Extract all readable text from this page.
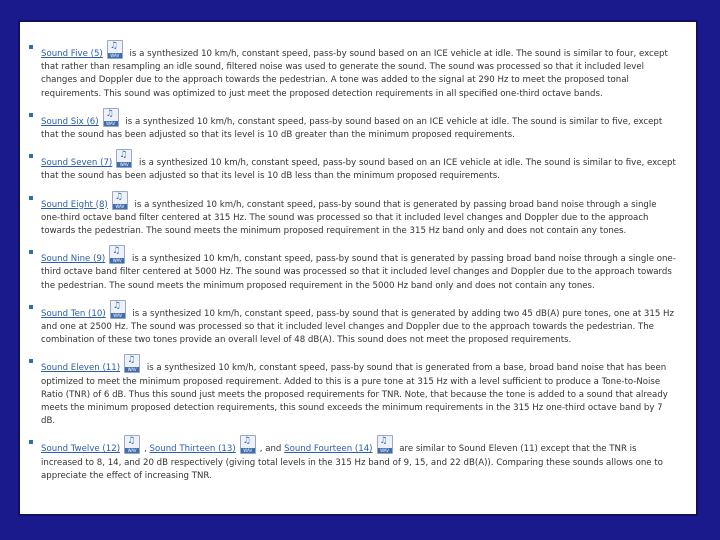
Sound Five (5)
♫
WAV is a synthesized 10 km/h, constant speed, pass-by sound based on an ICE vehicle at idle. The sound is similar to four, except that rather than resampling an idle sound, filtered noise was used to generate the sound. The sound was processed so that it included level changes and Doppler due to the approach towards the pedestrian. A tone was added to the signal at 290 Hz to meet the proposed tonal requirements. This sound was optimized to just meet the proposed detection requirements in all specified one-third octave bands.
Sound Six (6)
♫
WAV is a synthesized 10 km/h, constant speed, pass-by sound based on an ICE vehicle at idle. The sound is similar to five, except that the sound has been adjusted so that its level is 10 dB greater than the minimum proposed requirements.
Sound Seven (7)
♫
WAV is a synthesized 10 km/h, constant speed, pass-by sound based on an ICE vehicle at idle. The sound is similar to five, except that the sound has been adjusted so that its level is 10 dB less than the minimum proposed requirements.
Sound Eight (8)
♫
WAV is a synthesized 10 km/h, constant speed, pass-by sound that is generated by passing broad band noise through a single one-third octave band filter centered at 315 Hz. The sound was processed so that it included level changes and Doppler due to the approach towards the pedestrian. The sound meets the minimum proposed requirement in the 315 Hz band only and does not contain any tones.
Sound Nine (9)
♫
WAV is a synthesized 10 km/h, constant speed, pass-by sound that is generated by passing broad band noise through a single one-third octave band filter centered at 5000 Hz. The sound was processed so that it included level changes and Doppler due to the approach towards the pedestrian. The sound meets the minimum proposed requirement in the 5000 Hz band only and does not contain any tones.
Sound Ten (10)
♫
WAV is a synthesized 10 km/h, constant speed, pass-by sound that is generated by adding two 45 dB(A) pure tones, one at 315 Hz and one at 2500 Hz. The sound was processed so that it included level changes and Doppler due to the approach towards the pedestrian. The combination of these two tones provide an overall level of 48 dB(A). This sound does not meet the proposed requirements.
Sound Eleven (11)
♫
WAV is a synthesized 10 km/h, constant speed, pass-by sound that is generated from a base, broad band noise that has been optimized to meet the minimum proposed requirement. Added to this is a pure tone at 315 Hz with a level sufficient to produce a Tone-to-Noise Ratio (TNR) of 6 dB. Thus this sound just meets the proposed requirements for TNR. Note, that because the tone is added to a sound that already meets the minimum proposed detection requirements, this sound exceeds the minimum requirements in the 315 Hz one-third octave band by 7 dB.
Sound Twelve (12)
♫
WAV , Sound Thirteen (13)
♫
WAV , and Sound Fourteen (14)
♫
WAV are similar to Sound Eleven (11) except that the TNR is increased to 8, 14, and 20 dB respectively (giving total levels in the 315 Hz band of 9, 15, and 22 dB(A)). Comparing these sounds allows one to appreciate the effect of increasing TNR.
